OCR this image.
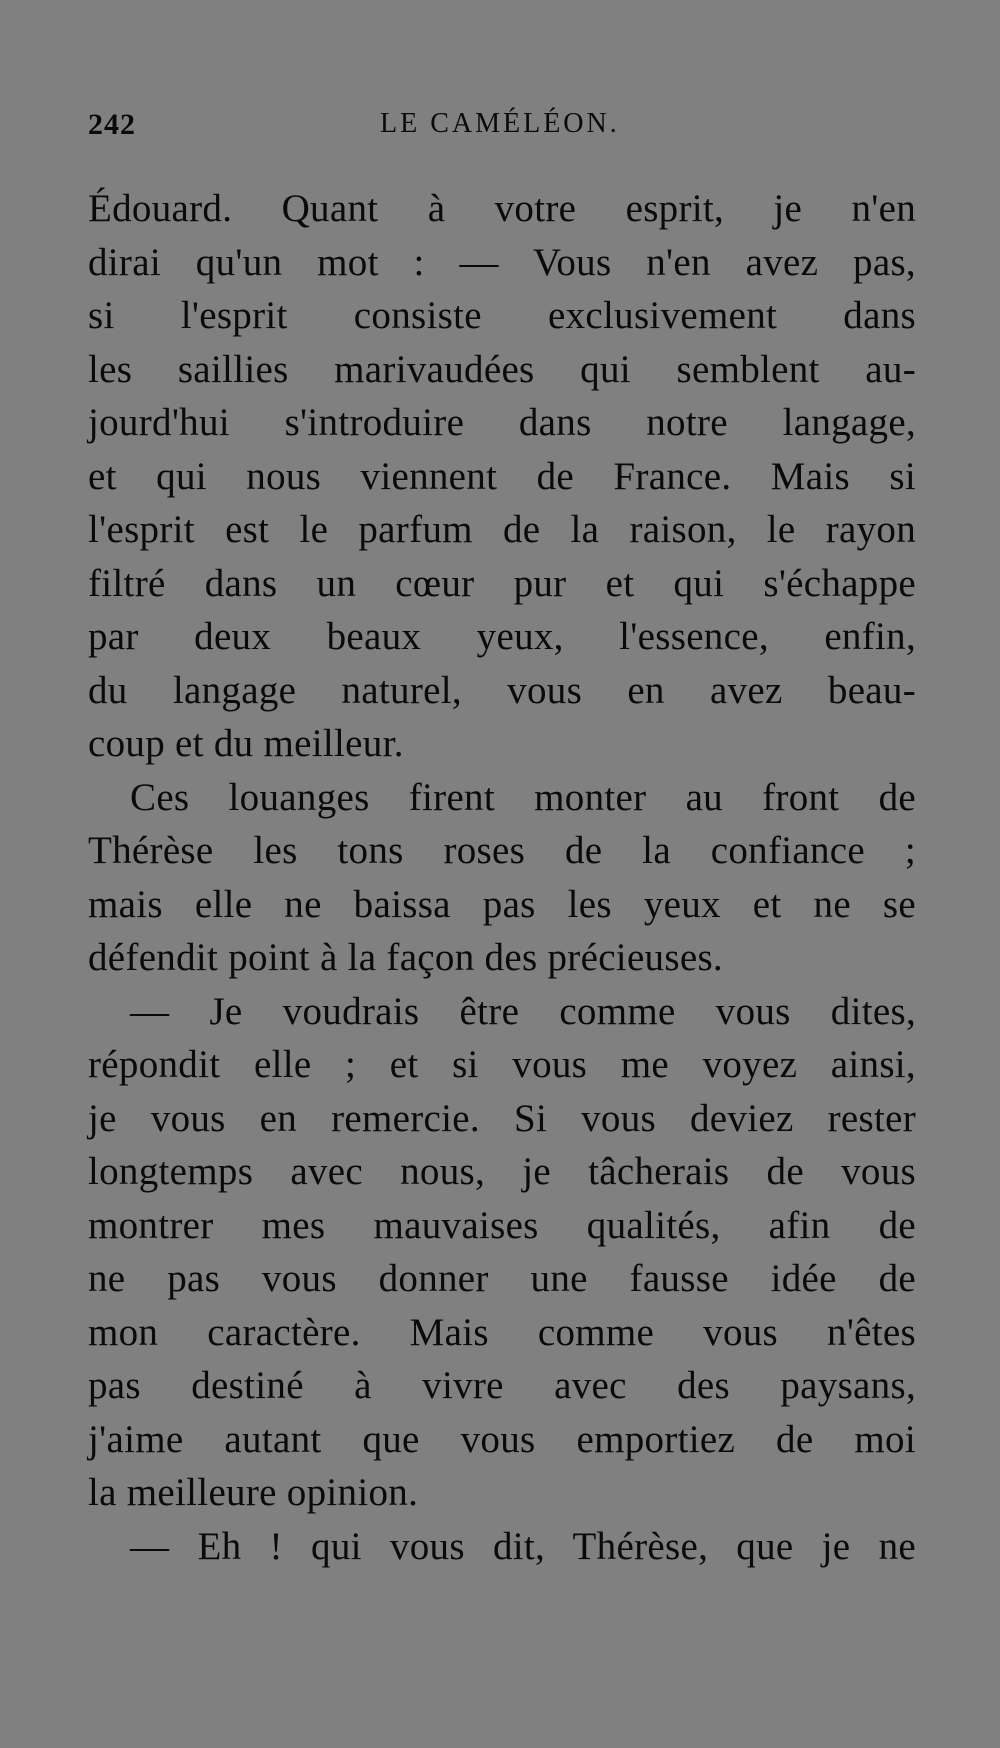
242	LE CAMÉLÉON.
Édouard. Quant à votre esprit, je n'en
dirai qu'un mot : — Vous n'en avez pas,
si l'esprit consiste exclusivement dans
les saillies marivaudées qui semblent au-
jourd'hui s'introduire dans notre langage,
et qui nous viennent de France. Mais si
l'esprit est le parfum de la raison, le rayon
filtré dans un cœur pur et qui s'échappe
par deux beaux yeux, l'essence, enfin,
du langage naturel, vous en avez beau-
coup et du meilleur.
Ces louanges firent monter au front de
Thérèse les tons roses de la confiance ;
mais elle ne baissa pas les yeux et ne se
défendit point à la façon des précieuses.
— Je voudrais être comme vous dites,
répondit elle ; et si vous me voyez ainsi,
je vous en remercie. Si vous deviez rester
longtemps avec nous, je tâcherais de vous
montrer mes mauvaises qualités, afin de
ne pas vous donner une fausse idée de
mon caractère. Mais comme vous n'êtes
pas destiné à vivre avec des paysans,
j'aime autant que vous emportiez de moi
la meilleure opinion.
— Eh ! qui vous dit, Thérèse, que je ne
